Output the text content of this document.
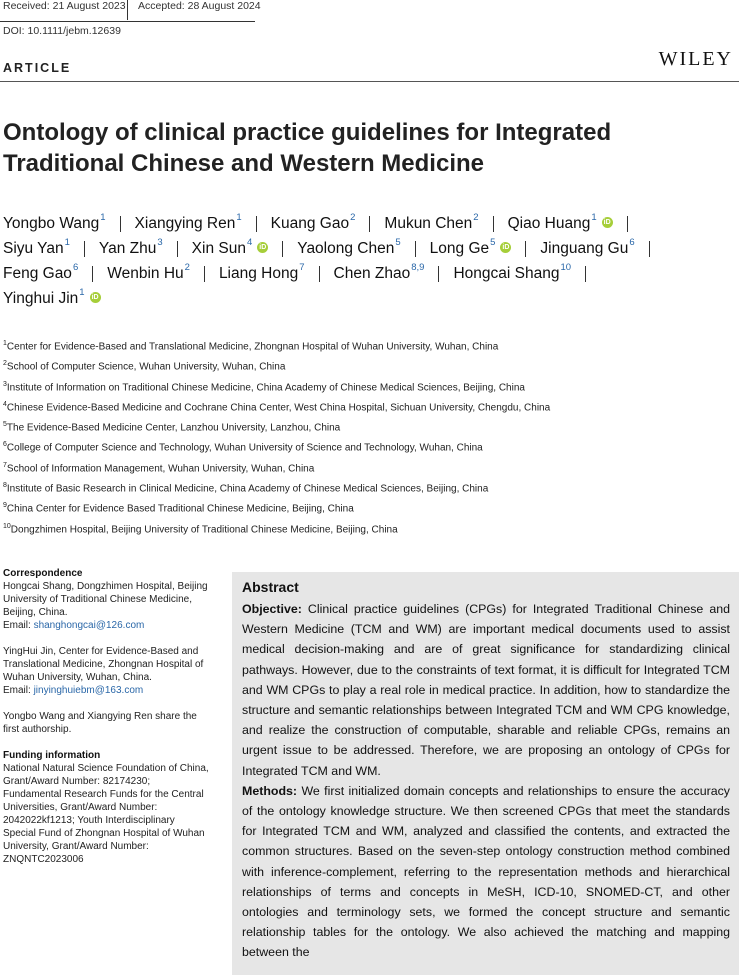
Received: 21 August 2023 Accepted: 28 August 2024
DOI: 10.1111/jebm.12639
ARTICLE	WILEY
Ontology of clinical practice guidelines for Integrated Traditional Chinese and Western Medicine
Yongbo Wang 1 Xiangying Ren 1 Kuang Gao 2 Mukun Chen 2 Qiao Huang 1 iD
Siyu Yan 1 Yan Zhu 3 Xin Sun 4 iD Yaolong Chen 5 Long Ge 5 iD Jinguang Gu 6
Feng Gao 6 Wenbin Hu 2 Liang Hong 7 Chen Zhao 8,9 Hongcai Shang 10
Yinghui Jin 1 iD
$^1$Center for Evidence-Based and Translational Medicine, Zhongnan Hospital of Wuhan University, Wuhan, China
$^2$School of Computer Science, Wuhan University, Wuhan, China
$^3$Institute of Information on Traditional Chinese Medicine, China Academy of Chinese Medical Sciences, Beijing, China
$^4$Chinese Evidence-Based Medicine and Cochrane China Center, West China Hospital, Sichuan University, Chengdu, China
$^5$The Evidence-Based Medicine Center, Lanzhou University, Lanzhou, China
$^6$College of Computer Science and Technology, Wuhan University of Science and Technology, Wuhan, China
$^7$School of Information Management, Wuhan University, Wuhan, China
$^8$Institute of Basic Research in Clinical Medicine, China Academy of Chinese Medical Sciences, Beijing, China
$^9$China Center for Evidence Based Traditional Chinese Medicine, Beijing, China
$^{10}$Dongzhimen Hospital, Beijing University of Traditional Chinese Medicine, Beijing, China
Correspondence
Hongcai Shang, Dongzhimen Hospital, Beijing
University of Traditional Chinese Medicine,
Beijing, China.
Email: shanghongcai@126.com
YingHui Jin, Center for Evidence-Based and
Translational Medicine, Zhongnan Hospital of
Wuhan University, Wuhan, China.
Email: jinyinghuiebm@163.com
Yongbo Wang and Xiangying Ren share the
first authorship.
Funding information
National Natural Science Foundation of China,
Grant/Award Number: 82174230;
Fundamental Research Funds for the Central
Universities, Grant/Award Number:
2042022kf1213; Youth Interdisciplinary
Special Fund of Zhongnan Hospital of Wuhan
University, Grant/Award Number:
ZNQNTC2023006
Abstract
Objective: Clinical practice guidelines (CPGs) for Integrated Traditional Chinese and Western Medicine (TCM and WM) are important medical documents used to assist medical decision-making and are of great significance for standardizing clinical pathways. However, due to the constraints of text format, it is difficult for Integrated TCM and WM CPGs to play a real role in medical practice. In addition, how to standardize the structure and semantic relationships between Integrated TCM and WM CPG knowledge, and realize the construction of computable, sharable and reliable CPGs, remains an urgent issue to be addressed. Therefore, we are proposing an ontology of CPGs for Integrated TCM and WM.
Methods: We first initialized domain concepts and relationships to ensure the accuracy of the ontology knowledge structure. We then screened CPGs that meet the standards for Integrated TCM and WM, analyzed and classified the contents, and extracted the common structures. Based on the seven-step ontology construction method combined with inference-complement, referring to the representation methods and hierarchical relationships of terms and concepts in MeSH, ICD-10, SNOMED-CT, and other ontologies and terminology sets, we formed the concept structure and semantic relationship tables for the ontology. We also achieved the matching and mapping between the
